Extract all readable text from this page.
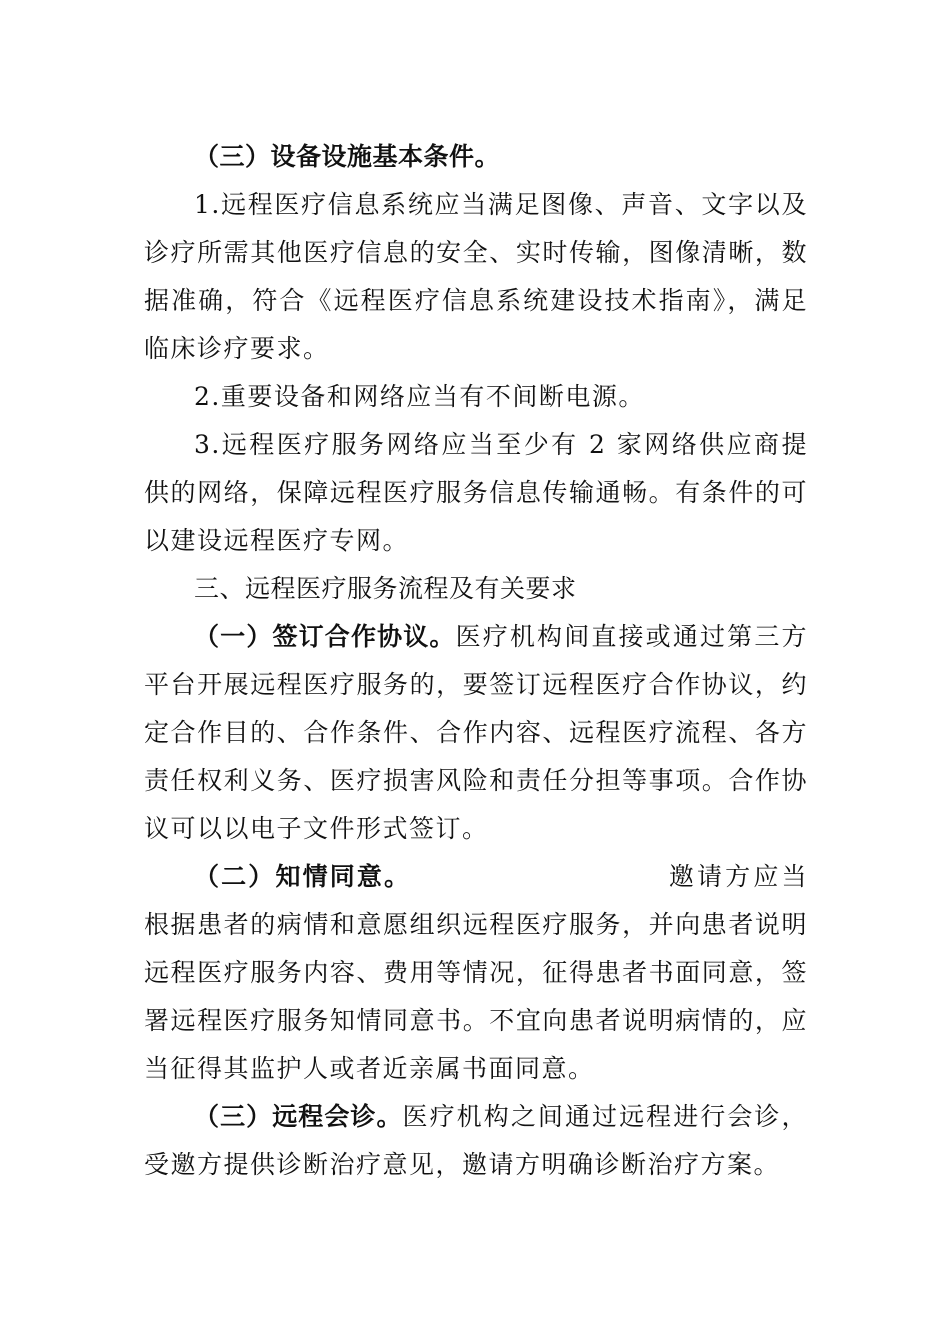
（三）设备设施基本条件。

1.远程医疗信息系统应当满足图像、声音、文字以及诊疗所需其他医疗信息的安全、实时传输，图像清晰，数据准确，符合《远程医疗信息系统建设技术指南》，满足临床诊疗要求。

2.重要设备和网络应当有不间断电源。

3.远程医疗服务网络应当至少有 2 家网络供应商提供的网络，保障远程医疗服务信息传输通畅。有条件的可以建设远程医疗专网。

三、远程医疗服务流程及有关要求

（一）签订合作协议。医疗机构间直接或通过第三方平台开展远程医疗服务的，要签订远程医疗合作协议，约定合作目的、合作条件、合作内容、远程医疗流程、各方责任权利义务、医疗损害风险和责任分担等事项。合作协议可以以电子文件形式签订。

（二）知情同意。	邀请方应当根据患者的病情和意愿组织远程医疗服务，并向患者说明远程医疗服务内容、费用等情况，征得患者书面同意，签署远程医疗服务知情同意书。不宜向患者说明病情的，应当征得其监护人或者近亲属书面同意。

（三）远程会诊。医疗机构之间通过远程进行会诊，受邀方提供诊断治疗意见，邀请方明确诊断治疗方案。
